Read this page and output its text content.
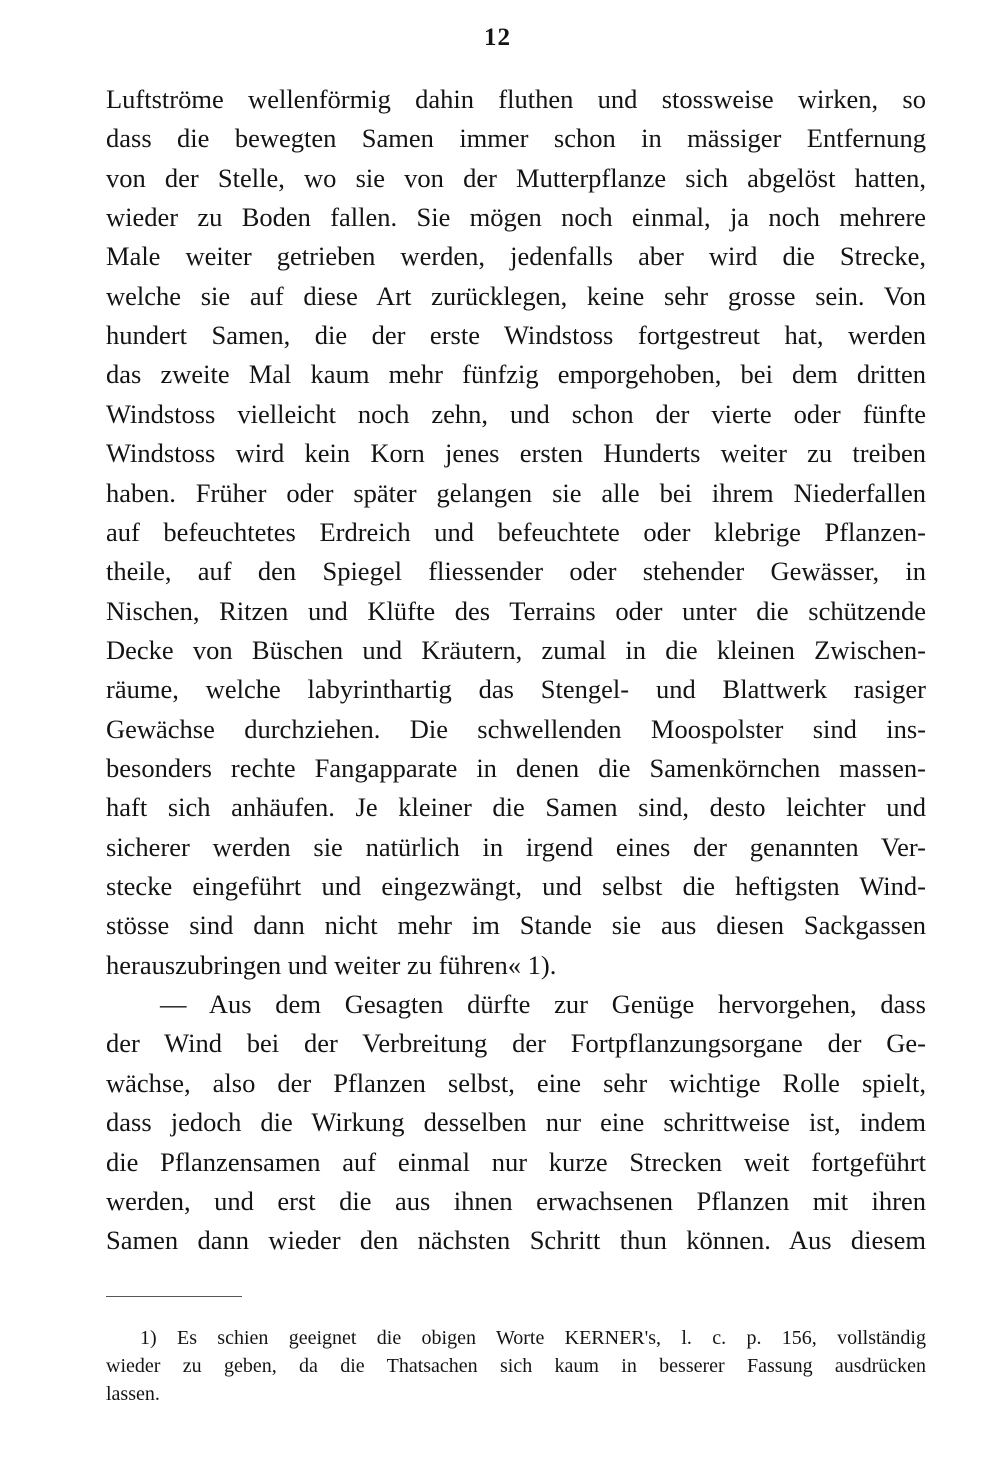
12
Luftströme wellenförmig dahin fluthen und stossweise wirken, so
dass die bewegten Samen immer schon in mässiger Entfernung
von der Stelle, wo sie von der Mutterpflanze sich abgelöst hatten,
wieder zu Boden fallen. Sie mögen noch einmal, ja noch mehrere
Male weiter getrieben werden, jedenfalls aber wird die Strecke,
welche sie auf diese Art zurücklegen, keine sehr grosse sein. Von
hundert Samen, die der erste Windstoss fortgestreut hat, werden
das zweite Mal kaum mehr fünfzig emporgehoben, bei dem dritten
Windstoss vielleicht noch zehn, und schon der vierte oder fünfte
Windstoss wird kein Korn jenes ersten Hunderts weiter zu treiben
haben. Früher oder später gelangen sie alle bei ihrem Niederfallen
auf befeuchtetes Erdreich und befeuchtete oder klebrige Pflanzen-
theile, auf den Spiegel fliessender oder stehender Gewässer, in
Nischen, Ritzen und Klüfte des Terrains oder unter die schützende
Decke von Büschen und Kräutern, zumal in die kleinen Zwischen-
räume, welche labyrinthartig das Stengel- und Blattwerk rasiger
Gewächse durchziehen. Die schwellenden Moospolster sind ins-
besonders rechte Fangapparate in denen die Samenkörnchen massen-
haft sich anhäufen. Je kleiner die Samen sind, desto leichter und
sicherer werden sie natürlich in irgend eines der genannten Ver-
stecke eingeführt und eingezwängt, und selbst die heftigsten Wind-
stösse sind dann nicht mehr im Stande sie aus diesen Sackgassen
herauszubringen und weiter zu führen« 1).
— Aus dem Gesagten dürfte zur Genüge hervorgehen, dass
der Wind bei der Verbreitung der Fortpflanzungsorgane der Ge-
wächse, also der Pflanzen selbst, eine sehr wichtige Rolle spielt,
dass jedoch die Wirkung desselben nur eine schrittweise ist, indem
die Pflanzensamen auf einmal nur kurze Strecken weit fortgeführt
werden, und erst die aus ihnen erwachsenen Pflanzen mit ihren
Samen dann wieder den nächsten Schritt thun können. Aus diesem
1) Es schien geeignet die obigen Worte KERNER's, l. c. p. 156, vollständig
wieder zu geben, da die Thatsachen sich kaum in besserer Fassung ausdrücken
lassen.
